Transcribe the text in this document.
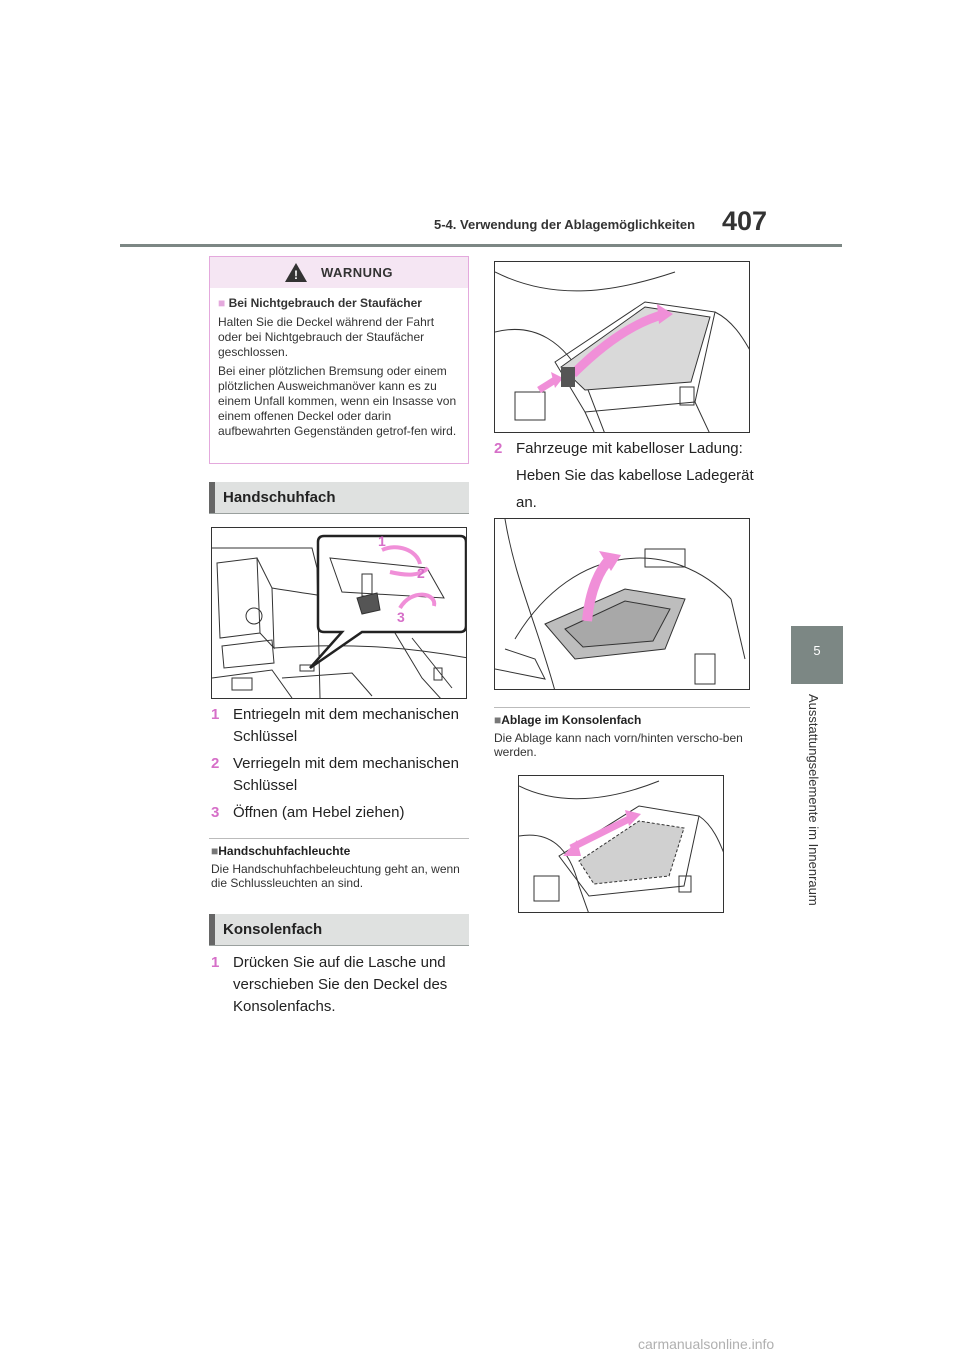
5-4. Verwendung der Ablagemöglichkeiten 407
5
Ausstattungselemente im Innenraum
! WARNUNG
■ Bei Nichtgebrauch der Staufächer

Halten Sie die Deckel während der Fahrt oder bei Nichtgebrauch der Staufächer geschlossen.

Bei einer plötzlichen Bremsung oder einem plötzlichen Ausweichmanöver kann es zu einem Unfall kommen, wenn ein Insasse von einem offenen Deckel oder darin aufbewahrten Gegenständen getrof-fen wird.

Handschuhfach
1
2
3
1 Entriegeln mit dem mechanischen
Schlüssel
2 Verriegeln mit dem mechanischen
Schlüssel
3 Öffnen (am Hebel ziehen)
■Handschuhfachleuchte
Die Handschuhfachbeleuchtung geht an, wenn die Schlussleuchten an sind.
Konsolenfach
1 Drücken Sie auf die Lasche und
verschieben Sie den Deckel des
Konsolenfachs.
2 Fahrzeuge mit kabelloser Ladung:
Heben Sie das kabellose Ladegerät
an.
■Ablage im Konsolenfach
Die Ablage kann nach vorn/hinten verscho-ben werden.
carmanualsonline.info
